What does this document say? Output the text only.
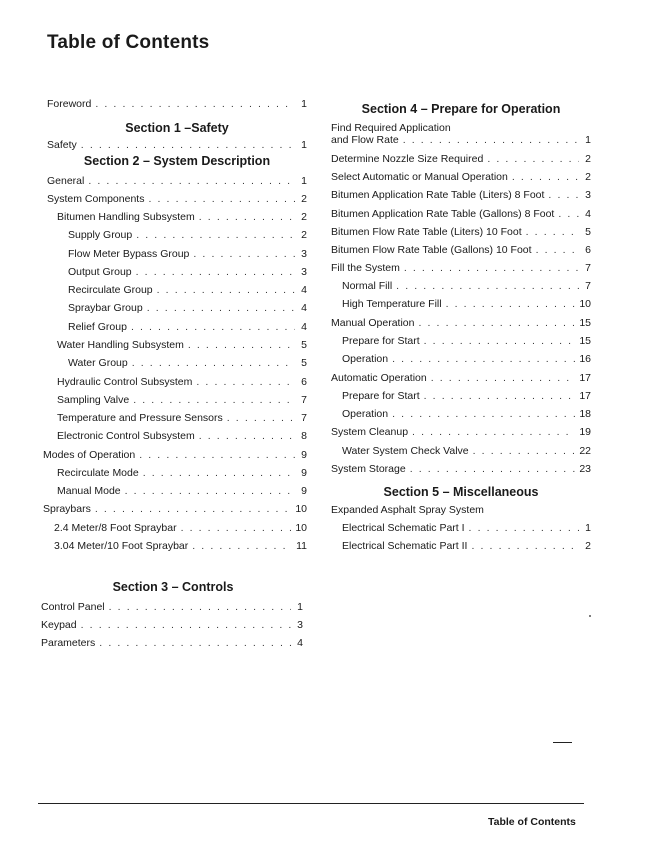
Table of Contents
Foreword . . .	1
Section 1 –Safety
Safety . . .	1
Section 2 – System Description
General . . .	1
System Components . . .	2
Bitumen Handling Subsystem . . .	2
Supply Group . . .	2
Flow Meter Bypass Group . . .	3
Output Group . . .	3
Recirculate Group . . .	4
Spraybar Group . . .	4
Relief Group . . .	4
Water Handling Subsystem . . .	5
Water Group . . .	5
Hydraulic Control Subsystem . . .	6
Sampling Valve . . .	7
Temperature and Pressure Sensors . . .	7
Electronic Control Subsystem . . .	8
Modes of Operation . . .	9
Recirculate Mode . . .	9
Manual Mode . . .	9
Spraybars . . .	10
2.4 Meter/8 Foot Spraybar . . .	10
3.04 Meter/10 Foot Spraybar . . .	11
Section 3 – Controls
Control Panel . . .	1
Keypad . . .	3
Parameters . . .	4
Section 4 – Prepare for Operation
Find Required Application
and Flow Rate . . .	1
Determine Nozzle Size Required . . .	2
Select Automatic or Manual Operation . . .	2
Bitumen Application Rate Table (Liters) 8 Foot . . .	3
Bitumen Application Rate Table (Gallons) 8 Foot . . .	4
Bitumen Flow Rate Table (Liters) 10 Foot . . .	5
Bitumen Flow Rate Table (Gallons) 10 Foot . . .	6
Fill the System . . .	7
Normal Fill . . .	7
High Temperature Fill . . .	10
Manual Operation . . .	15
Prepare for Start . . .	15
Operation . . .	16
Automatic Operation . . .	17
Prepare for Start . . .	17
Operation . . .	18
System Cleanup . . .	19
Water System Check Valve . . .	22
System Storage . . .	23
Section 5 – Miscellaneous
Expanded Asphalt Spray System
Electrical Schematic Part I . . .	1
Electrical Schematic Part II . . .	2
Table of Contents
